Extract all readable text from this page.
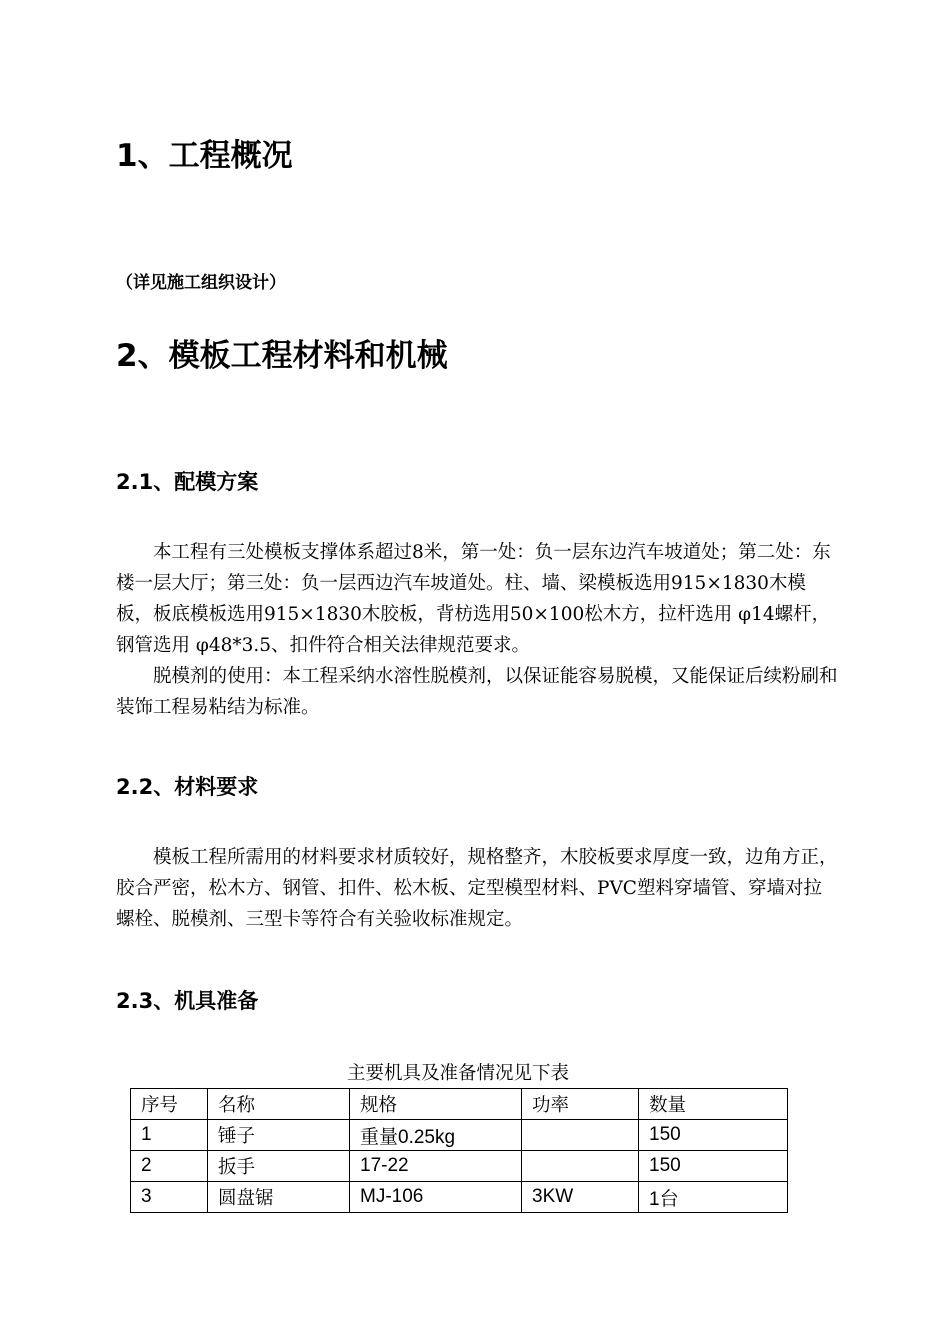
1、工程概况
（详见施工组织设计）
2、模板工程材料和机械
2.1、配模方案

本工程有三处模板支撑体系超过8米，第一处：负一层东边汽车坡道处；第二处：东楼一层大厅；第三处：负一层西边汽车坡道处。柱、墙、梁模板选用915×1830木模板，板底模板选用915×1830木胶板，背枋选用50×100松木方，拉杆选用 φ14螺杆，钢管选用 φ48*3.5、扣件符合相关法律规范要求。

脱模剂的使用：本工程采纳水溶性脱模剂，以保证能容易脱模，又能保证后续粉刷和装饰工程易粘结为标准。

2.2、材料要求

模板工程所需用的材料要求材质较好，规格整齐，木胶板要求厚度一致，边角方正，胶合严密，松木方、钢管、扣件、松木板、定型模型材料、PVC塑料穿墙管、穿墙对拉螺栓、脱模剂、三型卡等符合有关验收标准规定。

2.3、机具准备
主要机具及准备情况见下表
序号	名称	规格	功率	数量
1	锤子	重量0.25kg		150
2	扳手	17-22		150
3	圆盘锯	MJ-106	3KW	1台
